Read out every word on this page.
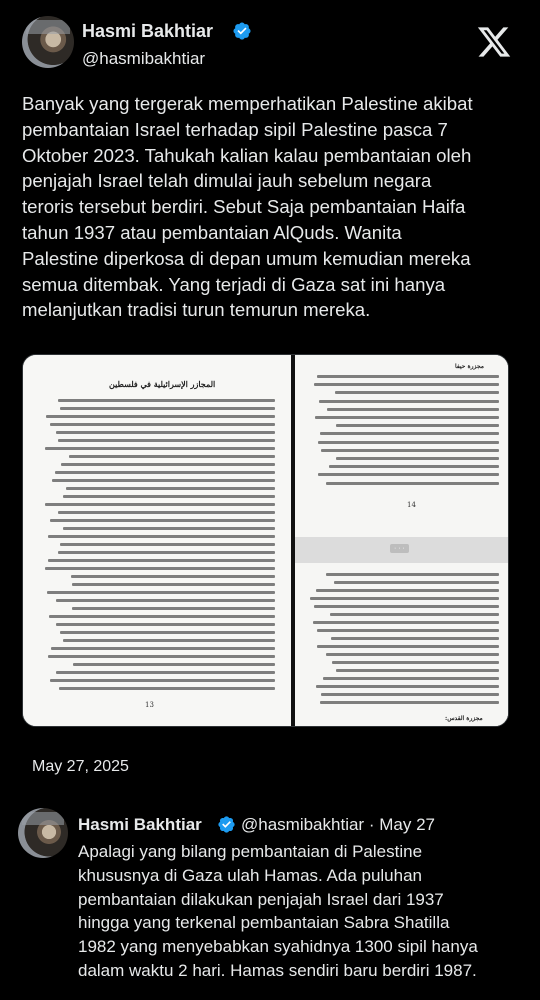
Hasmi Bakhtiar
@hasmibakhtiar
Banyak yang tergerak memperhatikan Palestine akibat
pembantaian Israel terhadap sipil Palestine pasca 7
Oktober 2023. Tahukah kalian kalau pembantaian oleh
penjajah Israel telah dimulai jauh sebelum negara
teroris tersebut berdiri. Sebut Saja pembantaian Haifa
tahun 1937 atau pembantaian AlQuds. Wanita
Palestine diperkosa di depan umum kemudian mereka
semua ditembak. Yang terjadi di Gaza sat ini hanya
melanjutkan tradisi turun temurun mereka.
المجازر الإسرائيلية في فلسطين
13
مجزرة حيفا
14
· · ·
مجزرة القدس:
May 27, 2025
Hasmi Bakhtiar @hasmibakhtiar · May 27
Apalagi yang bilang pembantaian di Palestine
khususnya di Gaza ulah Hamas. Ada puluhan
pembantaian dilakukan penjajah Israel dari 1937
hingga yang terkenal pembantaian Sabra Shatilla
1982 yang menyebabkan syahidnya 1300 sipil hanya
dalam waktu 2 hari. Hamas sendiri baru berdiri 1987.
